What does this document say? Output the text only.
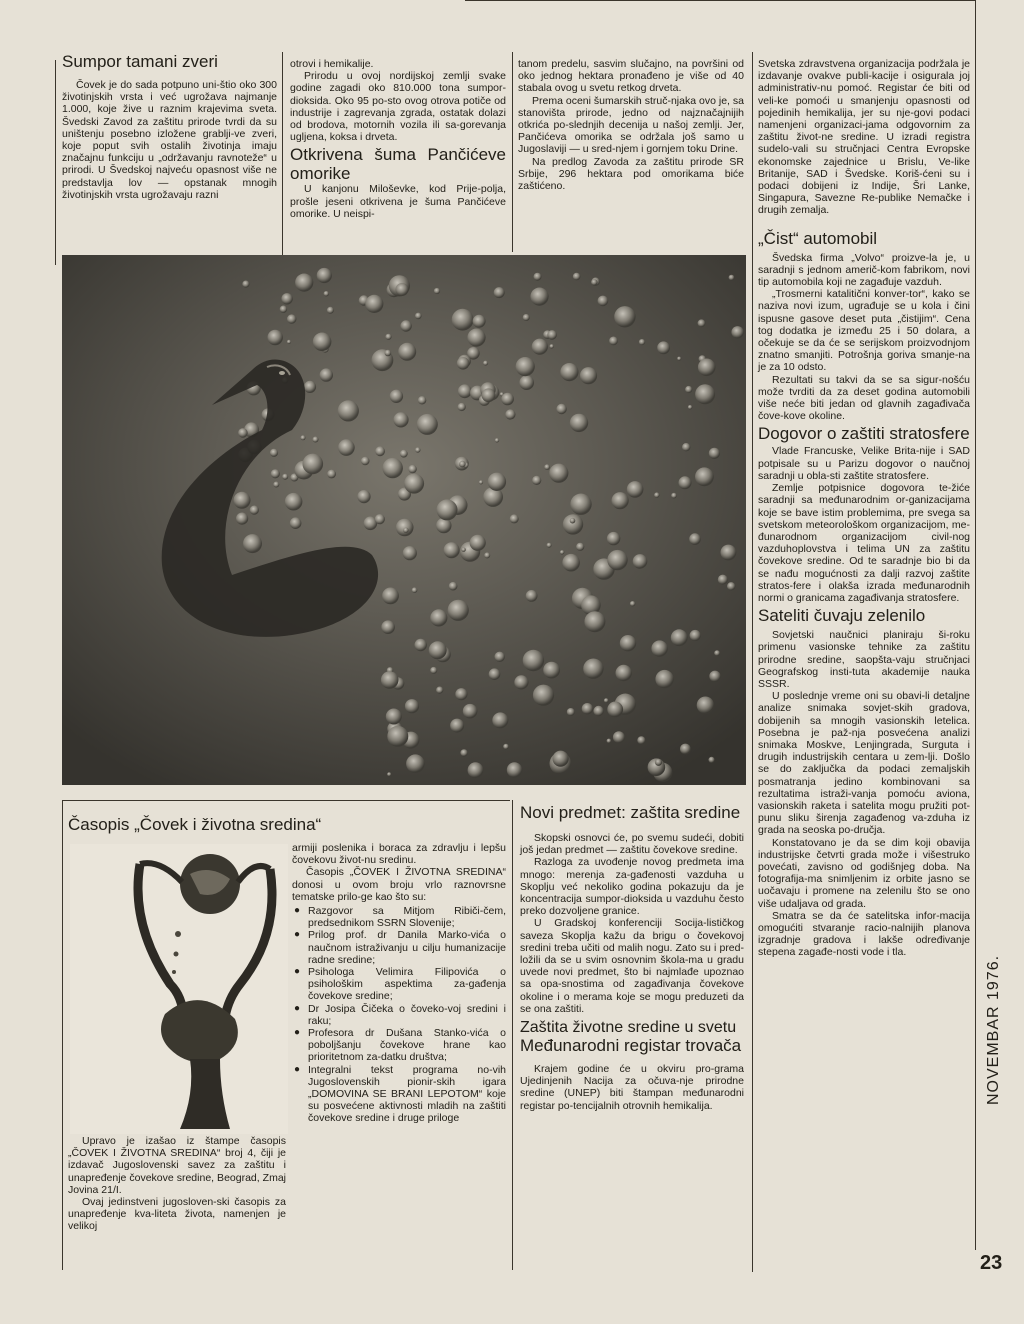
Sumpor tamani zveri

Čovek je do sada potpuno uni-štio oko 300 životinjskih vrsta i već ugrožava najmanje 1.000, koje žive u raznim krajevima sveta. Švedski Zavod za zaštitu prirode tvrdi da su uništenju posebno izložene grablji-ve zveri, koje poput svih ostalih životinja imaju značajnu funkciju u „održavanju ravnoteže“ u prirodi. U Švedskoj najveću opasnost više ne predstavlja lov — opstanak mnogih životinjskih vrsta ugrožavaju razni

otrovi i hemikalije.

Prirodu u ovoj nordijskoj zemlji svake godine zagadi oko 810.000 tona sumpor-dioksida. Oko 95 po-sto ovog otrova potiče od industrije i zagrevanja zgrada, ostatak dolazi od brodova, motornih vozila ili sa-gorevanja ugljena, koksa i drveta.

Otkrivena šuma Pančićeve omorike

U kanjonu Miloševke, kod Prije-polja, prošle jeseni otkrivena je šuma Pančićeve omorike. U neispi-

tanom predelu, sasvim slučajno, na površini od oko jednog hektara pronađeno je više od 40 stabala ovog u svetu retkog drveta.

Prema oceni šumarskih struč-njaka ovo je, sa stanovišta prirode, jedno od najznačajnijih otkrića po-slednjih decenija u našoj zemlji. Jer, Pančićeva omorika se održala još samo u Jugoslaviji — u sred-njem i gornjem toku Drine.

Na predlog Zavoda za zaštitu prirode SR Srbije, 296 hektara pod omorikama biće zaštićeno.

Svetska zdravstvena organizacija podržala je izdavanje ovakve publi-kacije i osigurala joj administrativ-nu pomoć. Registar će biti od veli-ke pomoći u smanjenju opasnosti od pojedinih hemikalija, jer su nje-govi podaci namenjeni organizaci-jama odgovornim za zaštitu život-ne sredine. U izradi registra sudelo-vali su stručnjaci Centra Evropske ekonomske zajednice u Brislu, Ve-like Britanije, SAD i Švedske. Koriš-ćeni su i podaci dobijeni iz Indije, Šri Lanke, Singapura, Savezne Re-publike Nemačke i drugih zemalja.

„Čist“ automobil

Švedska firma „Volvo“ proizve-la je, u saradnji s jednom američ-kom fabrikom, novi tip automobila koji ne zagađuje vazduh.

„Trosmerni katalitični konver-tor“, kako se naziva novi izum, ugrađuje se u kola i čini ispusne gasove deset puta „čistijim“. Cena tog dodatka je između 25 i 50 dolara, a očekuje se da će se serijskom proizvodnjom znatno smanjiti. Potrošnja goriva smanje-na je za 10 odsto.

Rezultati su takvi da se sa sigur-nošću može tvrditi da za deset godina automobili više neće biti jedan od glavnih zagađivača čove-kove okoline.

Dogovor o zaštiti stratosfere

Vlade Francuske, Velike Brita-nije i SAD potpisale su u Parizu dogovor o naučnoj saradnji u obla-sti zaštite stratosfere.

Zemlje potpisnice dogovora te-žiće saradnji sa međunarodnim or-ganizacijama koje se bave istim problemima, pre svega sa svetskom meteorološkom organizacijom, me-đunarodnom organizacijom civil-nog vazduhoplovstva i telima UN za zaštitu čovekove sredine. Od te saradnje bio bi da se nađu mogućnosti za dalji razvoj zaštite stratos-fere i olakša izrada međunarodnih normi o granicama zagađivanja stratosfere.

Sateliti čuvaju zelenilo

Sovjetski naučnici planiraju ši-roku primenu vasionske tehnike za zaštitu prirodne sredine, saopšta-vaju stručnjaci Geografskog insti-tuta akademije nauka SSSR.

U poslednje vreme oni su obavi-li detaljne analize snimaka sovjet-skih gradova, dobijenih sa mnogih vasionskih letelica. Posebna je paž-nja posvećena analizi snimaka Moskve, Lenjingrada, Surguta i drugih industrijskih centara u zem-lji. Došlo se do zaključka da podaci zemaljskih posmatranja jedino kombinovani sa rezultatima istraži-vanja pomoću aviona, vasionskih raketa i satelita mogu pružiti pot-punu sliku širenja zagađenog va-zduha iz grada na seoska po-dručja.

Konstatovano je da se dim koji obavija industrijske četvrti grada može i višestruko povećati, zavisno od godišnjeg doba. Na fotografija-ma snimljenim iz orbite jasno se uočavaju i promene na zelenilu što se ono više udaljava od grada.

Smatra se da će satelitska infor-macija omogućiti stvaranje racio-nalnijih planova izgradnje gradova i lakše određivanje stepena zagađe-nosti vode i tla.

Časopis „Čovek i životna sredina“

Upravo je izašao iz štampe časopis „ČOVEK I ŽIVOTNA SREDINA“ broj 4, čiji je izdavač Jugoslovenski savez za zaštitu i unapređenje čovekove sredine, Beograd, Zmaj Jovina 21/I.

Ovaj jedinstveni jugosloven-ski časopis za unapređenje kva-liteta života, namenjen je velikoj

armiji poslenika i boraca za zdravlju i lepšu čovekovu život-nu sredinu.

Časopis „ČOVEK I ŽIVOTNA SREDINA“ donosi u ovom broju vrlo raznovrsne tematske prilo-ge kao što su:

● Razgovor sa Mitjom Ribiči-čem, predsednikom SSRN Slovenije;
● Prilog prof. dr Danila Marko-vića o naučnom istraživanju u cilju humanizacije radne sredine;
● Psihologa Velimira Filipovića o psihološkim aspektima za-gađenja čovekove sredine;
● Dr Josipa Čičeka o čoveko-voj sredini i raku;
● Profesora dr Dušana Stanko-vića o poboljšanju čovekove hrane kao prioritetnom za-datku društva;
● Integralni tekst programa no-vih Jugoslovenskih pionir-skih igara „DOMOVINA SE BRANI LEPOTOM“ koje su posvećene aktivnosti mladih na zaštiti čovekove sredine i druge priloge
Novi predmet: zaštita sredine

Skopski osnovci će, po svemu sudeći, dobiti još jedan predmet — zaštitu čovekove sredine.

Razloga za uvođenje novog predmeta ima mnogo: merenja za-gađenosti vazduha u Skoplju već nekoliko godina pokazuju da je koncentracija sumpor-dioksida u vazduhu često preko dozvoljene granice.

U Gradskoj konferenciji Socija-lističkog saveza Skoplja kažu da brigu o čovekovoj sredini treba učiti od malih nogu. Zato su i pred-ložili da se u svim osnovnim škola-ma u gradu uvede novi predmet, što bi najmlađe upoznao sa opa-snostima od zagađivanja čovekove okoline i o merama koje se mogu preduzeti da se ona zaštiti.

Zaštita životne sredine u svetu
Međunarodni registar trovača

Krajem godine će u okviru pro-grama Ujedinjenih Nacija za očuva-nje prirodne sredine (UNEP) biti štampan međunarodni registar po-tencijalnih otrovnih hemikalija.

NOVEMBAR 1976.
23
